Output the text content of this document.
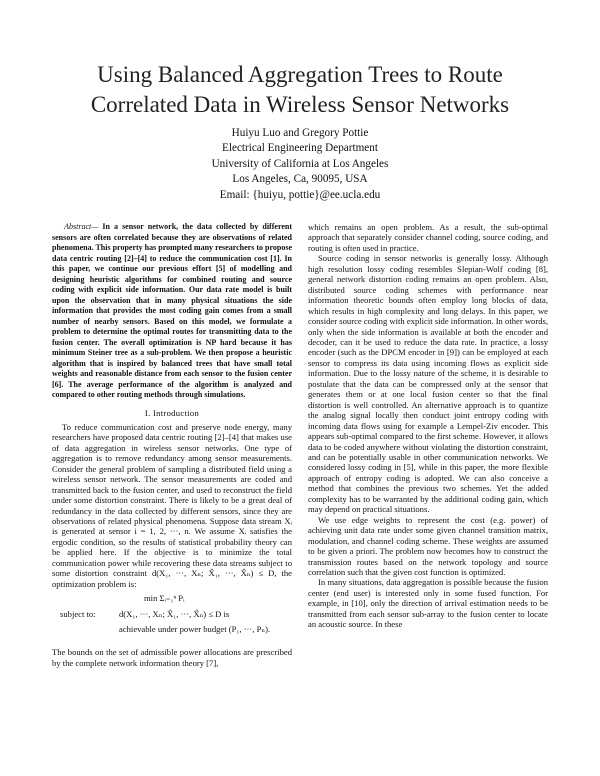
Using Balanced Aggregation Trees to Route
Correlated Data in Wireless Sensor Networks
Huiyu Luo and Gregory Pottie
Electrical Engineering Department
University of California at Los Angeles
Los Angeles, Ca, 90095, USA
Email: {huiyu, pottie}@ee.ucla.edu
Abstract— In a sensor network, the data collected by different sensors are often correlated because they are observations of related phenomena. This property has prompted many researchers to propose data centric routing [2]–[4] to reduce the communication cost [1]. In this paper, we continue our previous effort [5] of modelling and designing heuristic algorithms for combined routing and source coding with explicit side information. Our data rate model is built upon the observation that in many physical situations the side information that provides the most coding gain comes from a small number of nearby sensors. Based on this model, we formulate a problem to determine the optimal routes for transmitting data to the fusion center. The overall optimization is NP hard because it has minimum Steiner tree as a sub-problem. We then propose a heuristic algorithm that is inspired by balanced trees that have small total weights and reasonable distance from each sensor to the fusion center [6]. The average performance of the algorithm is analyzed and compared to other routing methods through simulations.
I. Introduction

To reduce communication cost and preserve node energy, many researchers have proposed data centric routing [2]–[4] that makes use of data aggregation in wireless sensor networks. One type of aggregation is to remove redundancy among sensor measurements. Consider the general problem of sampling a distributed field using a wireless sensor network. The sensor measurements are coded and transmitted back to the fusion center, and used to reconstruct the field under some distortion constraint. There is likely to be a great deal of redundancy in the data collected by different sensors, since they are observations of related physical phenomena. Suppose data stream Xᵢ is generated at sensor i = 1, 2, ···, n. We assume Xᵢ satisfies the ergodic condition, so the results of statistical probability theory can be applied here. If the objective is to minimize the total communication power while recovering these data streams subject to some distortion constraint d(X₁, ···, Xₙ; X̂₁, ···, X̂ₙ) ≤ D, the optimization problem is:

min Σᵢ₌₁ⁿ Pᵢ
subject to:	d(X₁, ···, Xₙ; X̂₁, ···, X̂ₙ) ≤ D is
achievable under power budget (P₁, ···, Pₙ).

The bounds on the set of admissible power allocations are prescribed by the complete network information theory [7],

which remains an open problem. As a result, the sub-optimal approach that separately consider channel coding, source coding, and routing is often used in practice.

Source coding in sensor networks is generally lossy. Although high resolution lossy coding resembles Slepian-Wolf coding [8], general network distortion coding remains an open problem. Also, distributed source coding schemes with performance near information theoretic bounds often employ long blocks of data, which results in high complexity and long delays. In this paper, we consider source coding with explicit side information. In other words, only when the side information is available at both the encoder and decoder, can it be used to reduce the data rate. In practice, a lossy encoder (such as the DPCM encoder in [9]) can be employed at each sensor to compress its data using incoming flows as explicit side information. Due to the lossy nature of the scheme, it is desirable to postulate that the data can be compressed only at the sensor that generates them or at one local fusion center so that the final distortion is well controlled. An alternative approach is to quantize the analog signal locally then conduct joint entropy coding with incoming data flows using for example a Lempel-Ziv encoder. This appears sub-optimal compared to the first scheme. However, it allows data to be coded anywhere without violating the distortion constraint, and can be potentially usable in other communication networks. We considered lossy coding in [5], while in this paper, the more flexible approach of entropy coding is adopted. We can also conceive a method that combines the previous two schemes. Yet the added complexity has to be warranted by the additional coding gain, which may depend on practical situations.

We use edge weights to represent the cost (e.g. power) of achieving unit data rate under some given channel transition matrix, modulation, and channel coding scheme. These weights are assumed to be given a priori. The problem now becomes how to construct the transmission routes based on the network topology and source correlation such that the given cost function is optimized.

In many situations, data aggregation is possible because the fusion center (end user) is interested only in some fused function. For example, in [10], only the direction of arrival estimation needs to be transmitted from each sensor sub-array to the fusion center to locate an acoustic source. In these
